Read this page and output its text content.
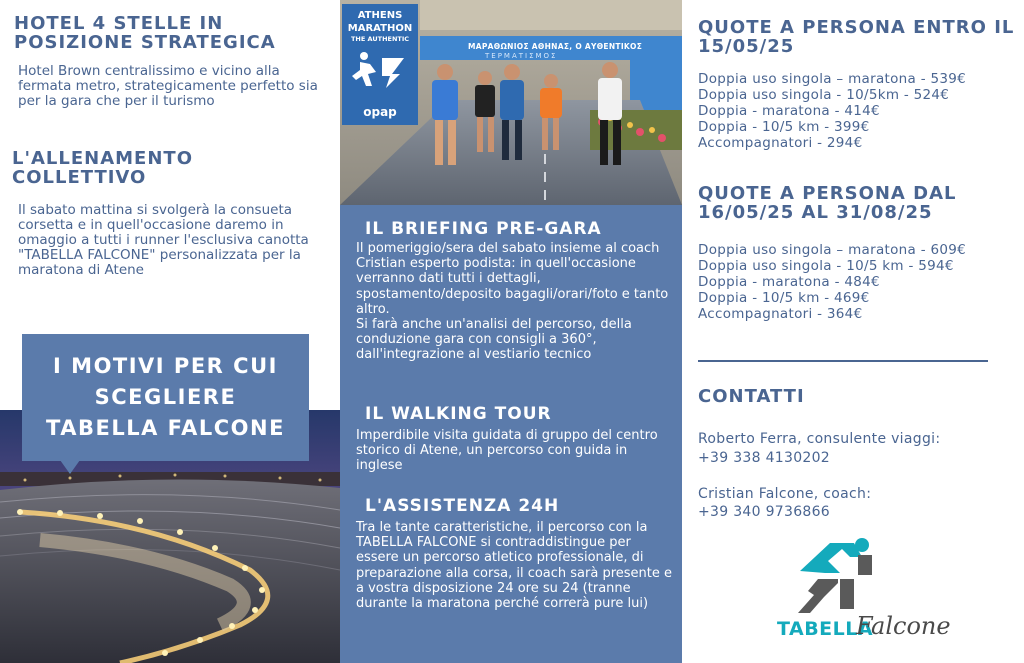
HOTEL 4 STELLE IN POSIZIONE STRATEGICA
Hotel Brown centralissimo e vicino alla fermata metro, strategicamente perfetto sia per la gara che per il turismo
L'ALLENAMENTO COLLETTIVO
Il sabato mattina si svolgerà la consueta corsetta e in quell'occasione daremo in omaggio a tutti i runner l'esclusiva canotta "TABELLA FALCONE" personalizzata per la maratona di Atene
I MOTIVI PER CUI
SCEGLIERE
TABELLA FALCONE
ATHENS
MARATHON
THE AUTHENTIC
opap
ΜΑΡΑΘΩΝΙΟΣ ΑΘΗΝΑΣ, Ο ΑΥΘΕΝΤΙΚΟΣ
ΤΕΡΜΑΤΙΣΜΟΣ
IL BRIEFING PRE-GARA
Il pomeriggio/sera del sabato insieme al coach Cristian esperto podista: in quell'occasione verranno dati tutti i dettagli, spostamento/deposito bagagli/orari/foto e tanto altro.
Si farà anche un'analisi del percorso, della conduzione gara con consigli a 360°, dall'integrazione al vestiario tecnico
IL WALKING TOUR
Imperdibile visita guidata di gruppo del centro storico di Atene, un percorso con guida in inglese
L'ASSISTENZA 24H
Tra le tante caratteristiche, il percorso con la TABELLA FALCONE si contraddistingue per essere un percorso atletico professionale, di preparazione alla corsa, il coach sarà presente e a vostra disposizione 24 ore su 24 (tranne durante la maratona perché correrà pure lui)
QUOTE A PERSONA ENTRO IL 15/05/25
Doppia uso singola – maratona - 539€
Doppia uso singola - 10/5km - 524€
Doppia - maratona - 414€
Doppia - 10/5 km - 399€
Accompagnatori - 294€
QUOTE A PERSONA DAL 16/05/25 AL 31/08/25
Doppia uso singola – maratona - 609€
Doppia uso singola - 10/5 km - 594€
Doppia - maratona - 484€
Doppia - 10/5 km - 469€
Accompagnatori - 364€
CONTATTI
Roberto Ferra, consulente viaggi:
+39 338 4130202
Cristian Falcone, coach:
+39 340 9736866
TABELLA
Falcone
